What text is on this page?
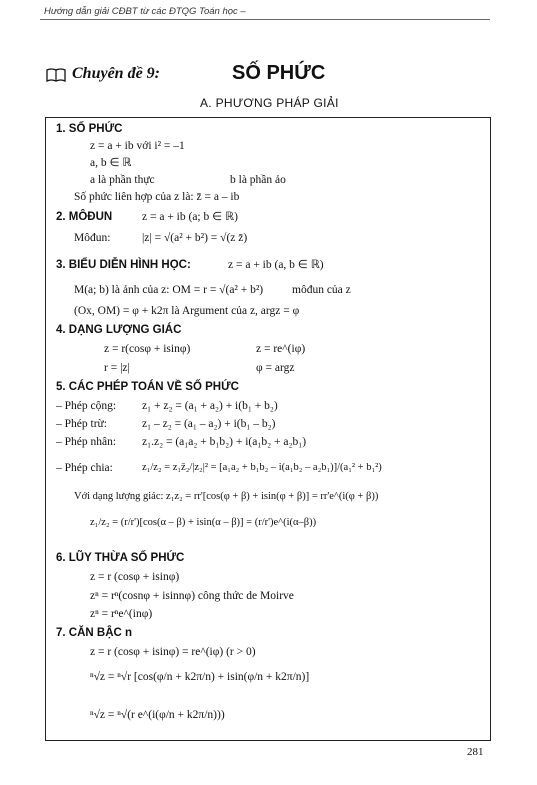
Hướng dẫn giải CĐBT từ các ĐTQG Toán học –
Chuyên đề 9:	SỐ PHỨC
A. PHƯƠNG PHÁP GIẢI
1. SỐ PHỨC
z = a + ib với i² = –1
a, b ∈ ℝ
a là phần thực	b là phần ảo
Số phức liên hợp của z là: z̄ = a – ib
2. MÔĐUN	z = a + ib (a; b ∈ ℝ)
Môđun:	|z| = √(a² + b²) = √(z z̄)
3. BIỂU DIỄN HÌNH HỌC:	z = a + ib (a, b ∈ ℝ)
M(a; b) là ảnh của z: OM = r = √(a² + b²)	môđun của z
(Ox, OM) = φ + k2π là Argument của z, argz = φ
4. DẠNG LƯỢNG GIÁC
z = r(cosφ + isinφ)	z = re^(iφ)
r = |z|	φ = argz
5. CÁC PHÉP TOÁN VỀ SỐ PHỨC
– Phép cộng: z₁ + z₂ = (a₁ + a₂) + i(b₁ + b₂)
– Phép trừ:	z₁ – z₂ = (a₁ – a₂) + i(b₁ – b₂)
– Phép nhân: z₁.z₂ = (a₁a₂ + b₁b₂) + i(a₁b₂ + a₂b₁)
– Phép chia:	z₁/z₂ = z₁z̄₂/|z₂|² = [a₁a₂ + b₁b₂ – i(a₁b₂ – a₂b₁)]/(a₁² + b₁²)
Với dạng lượng giác: z₁z₂ = rr'[cos(φ + β) + isin(φ + β)] = rr'e^(i(φ + β))
z₁/z₂ = (r/r')[cos(α – β) + isin(α – β)] = (r/r')e^(i(α–β))
6. LŨY THỪA SỐ PHỨC
z = r (cosφ + isinφ)
zⁿ = rⁿ(cosnφ + isinnφ) công thức de Moirve
zⁿ = rⁿe^(inφ)
7. CĂN BẬC n
z = r (cosφ + isinφ) = re^(iφ) (r > 0)
ⁿ√z = ⁿ√r [cos(φ/n + k2π/n) + isin(φ/n + k2π/n)]
ⁿ√z = ⁿ√(r e^(i(φ/n + k2π/n)))
281
